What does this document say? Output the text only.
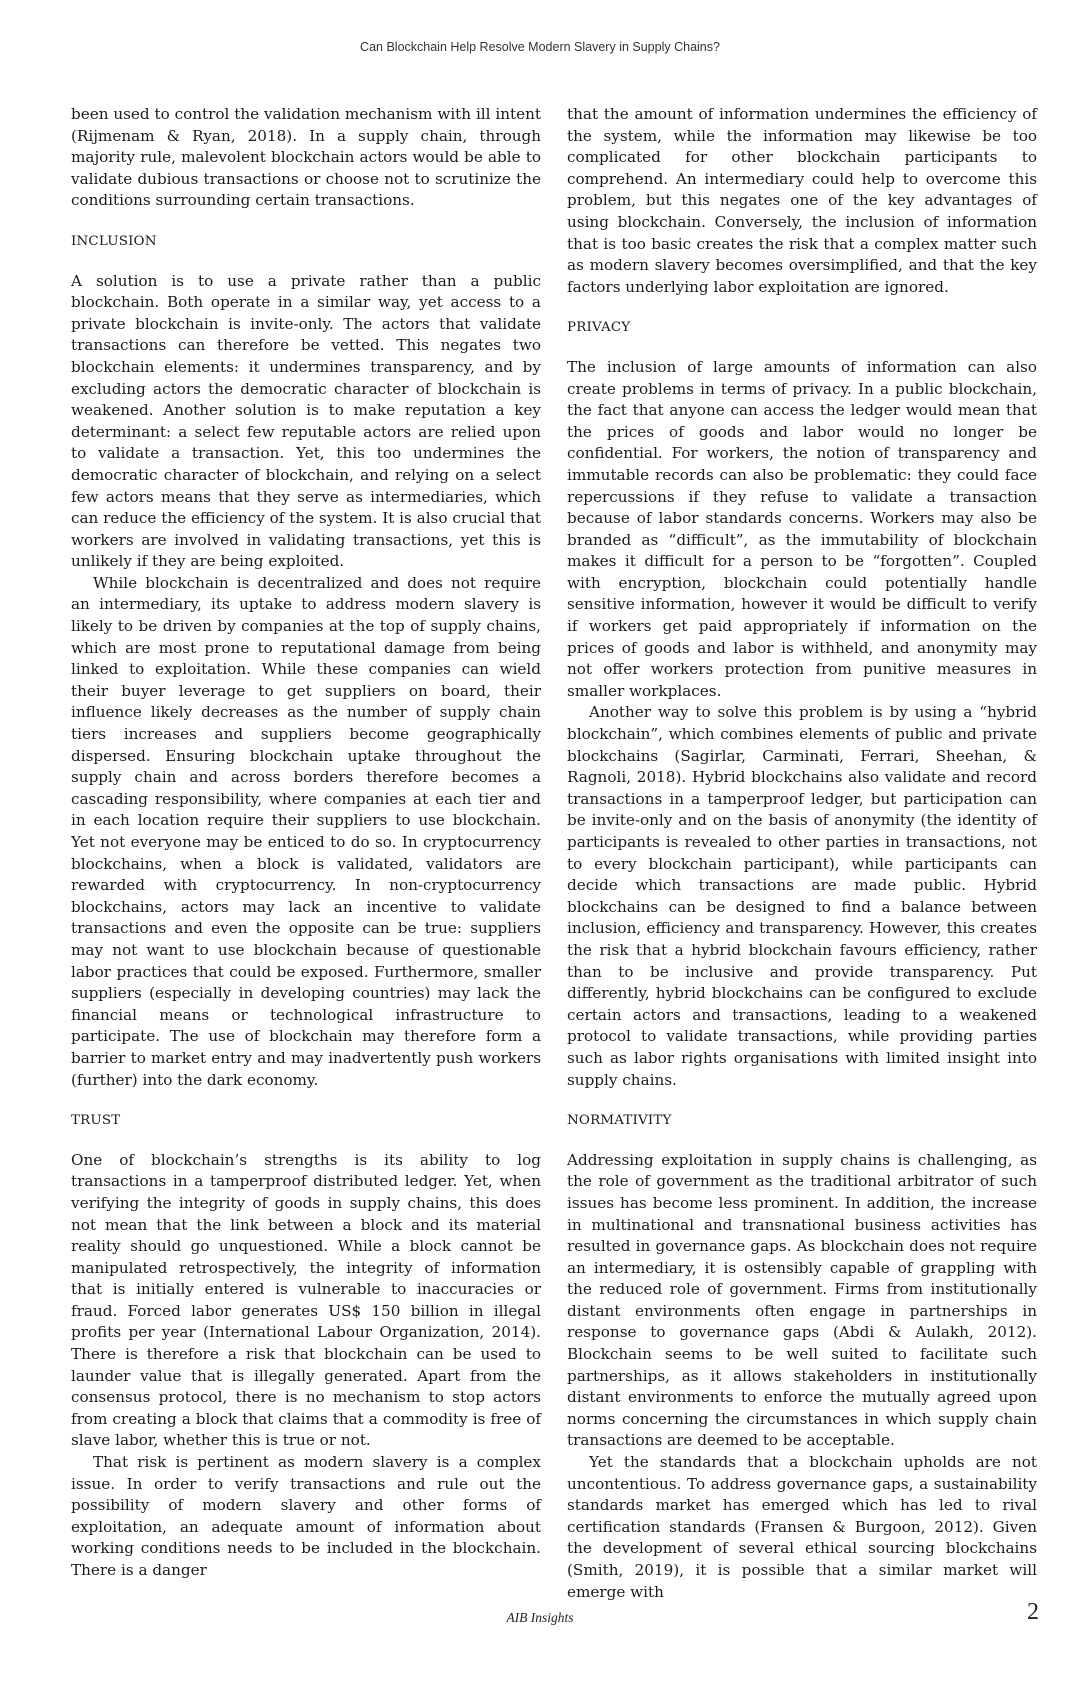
Can Blockchain Help Resolve Modern Slavery in Supply Chains?

been used to control the validation mechanism with ill intent (Rijmenam & Ryan, 2018). In a supply chain, through majority rule, malevolent blockchain actors would be able to validate dubious transactions or choose not to scrutinize the conditions surrounding certain transactions.

INCLUSION

A solution is to use a private rather than a public blockchain. Both operate in a similar way, yet access to a private blockchain is invite-only. The actors that validate transactions can therefore be vetted. This negates two blockchain elements: it undermines transparency, and by excluding actors the democratic character of blockchain is weakened. Another solution is to make reputation a key determinant: a select few reputable actors are relied upon to validate a transaction. Yet, this too undermines the democratic character of blockchain, and relying on a select few actors means that they serve as intermediaries, which can reduce the efficiency of the system. It is also crucial that workers are involved in validating transactions, yet this is unlikely if they are being exploited.

While blockchain is decentralized and does not require an intermediary, its uptake to address modern slavery is likely to be driven by companies at the top of supply chains, which are most prone to reputational damage from being linked to exploitation. While these companies can wield their buyer leverage to get suppliers on board, their influence likely decreases as the number of supply chain tiers increases and suppliers become geographically dispersed. Ensuring blockchain uptake throughout the supply chain and across borders therefore becomes a cascading responsibility, where companies at each tier and in each location require their suppliers to use blockchain. Yet not everyone may be enticed to do so. In cryptocurrency blockchains, when a block is validated, validators are rewarded with cryptocurrency. In non-cryptocurrency blockchains, actors may lack an incentive to validate transactions and even the opposite can be true: suppliers may not want to use blockchain because of questionable labor practices that could be exposed. Furthermore, smaller suppliers (especially in developing countries) may lack the financial means or technological infrastructure to participate. The use of blockchain may therefore form a barrier to market entry and may inadvertently push workers (further) into the dark economy.

TRUST

One of blockchain’s strengths is its ability to log transactions in a tamperproof distributed ledger. Yet, when verifying the integrity of goods in supply chains, this does not mean that the link between a block and its material reality should go unquestioned. While a block cannot be manipulated retrospectively, the integrity of information that is initially entered is vulnerable to inaccuracies or fraud. Forced labor generates US$ 150 billion in illegal profits per year (International Labour Organization, 2014). There is therefore a risk that blockchain can be used to launder value that is illegally generated. Apart from the consensus protocol, there is no mechanism to stop actors from creating a block that claims that a commodity is free of slave labor, whether this is true or not.

That risk is pertinent as modern slavery is a complex issue. In order to verify transactions and rule out the possibility of modern slavery and other forms of exploitation, an adequate amount of information about working conditions needs to be included in the blockchain. There is a danger

that the amount of information undermines the efficiency of the system, while the information may likewise be too complicated for other blockchain participants to comprehend. An intermediary could help to overcome this problem, but this negates one of the key advantages of using blockchain. Conversely, the inclusion of information that is too basic creates the risk that a complex matter such as modern slavery becomes oversimplified, and that the key factors underlying labor exploitation are ignored.

PRIVACY

The inclusion of large amounts of information can also create problems in terms of privacy. In a public blockchain, the fact that anyone can access the ledger would mean that the prices of goods and labor would no longer be confidential. For workers, the notion of transparency and immutable records can also be problematic: they could face repercussions if they refuse to validate a transaction because of labor standards concerns. Workers may also be branded as “difficult”, as the immutability of blockchain makes it difficult for a person to be “forgotten”. Coupled with encryption, blockchain could potentially handle sensitive information, however it would be difficult to verify if workers get paid appropriately if information on the prices of goods and labor is withheld, and anonymity may not offer workers protection from punitive measures in smaller workplaces.

Another way to solve this problem is by using a “hybrid blockchain”, which combines elements of public and private blockchains (Sagirlar, Carminati, Ferrari, Sheehan, & Ragnoli, 2018). Hybrid blockchains also validate and record transactions in a tamperproof ledger, but participation can be invite-only and on the basis of anonymity (the identity of participants is revealed to other parties in transactions, not to every blockchain participant), while participants can decide which transactions are made public. Hybrid blockchains can be designed to find a balance between inclusion, efficiency and transparency. However, this creates the risk that a hybrid blockchain favours efficiency, rather than to be inclusive and provide transparency. Put differently, hybrid blockchains can be configured to exclude certain actors and transactions, leading to a weakened protocol to validate transactions, while providing parties such as labor rights organisations with limited insight into supply chains.

NORMATIVITY

Addressing exploitation in supply chains is challenging, as the role of government as the traditional arbitrator of such issues has become less prominent. In addition, the increase in multinational and transnational business activities has resulted in governance gaps. As blockchain does not require an intermediary, it is ostensibly capable of grappling with the reduced role of government. Firms from institutionally distant environments often engage in partnerships in response to governance gaps (Abdi & Aulakh, 2012). Blockchain seems to be well suited to facilitate such partnerships, as it allows stakeholders in institutionally distant environments to enforce the mutually agreed upon norms concerning the circumstances in which supply chain transactions are deemed to be acceptable.

Yet the standards that a blockchain upholds are not uncontentious. To address governance gaps, a sustainability standards market has emerged which has led to rival certification standards (Fransen & Burgoon, 2012). Given the development of several ethical sourcing blockchains (Smith, 2019), it is possible that a similar market will emerge with

AIB Insights	2
